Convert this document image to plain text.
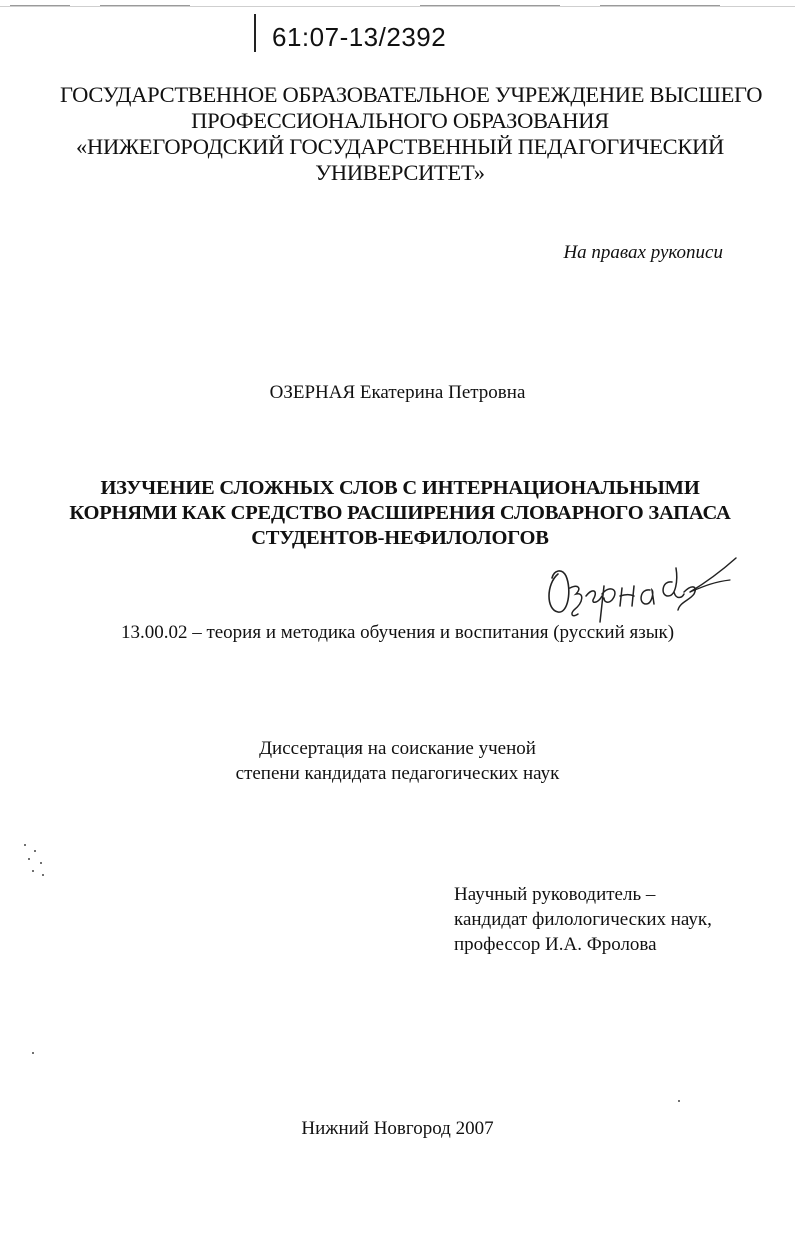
61:07-13/2392
ГОСУДАРСТВЕННОЕ ОБРАЗОВАТЕЛЬНОЕ УЧРЕЖДЕНИЕ ВЫСШЕГО
ПРОФЕССИОНАЛЬНОГО ОБРАЗОВАНИЯ
«НИЖЕГОРОДСКИЙ ГОСУДАРСТВЕННЫЙ ПЕДАГОГИЧЕСКИЙ
УНИВЕРСИТЕТ»
На правах рукописи
ОЗЕРНАЯ Екатерина Петровна
ИЗУЧЕНИЕ СЛОЖНЫХ СЛОВ С ИНТЕРНАЦИОНАЛЬНЫМИ
КОРНЯМИ КАК СРЕДСТВО РАСШИРЕНИЯ СЛОВАРНОГО ЗАПАСА
СТУДЕНТОВ-НЕФИЛОЛОГОВ
13.00.02 – теория и методика обучения и воспитания (русский язык)
Диссертация на соискание ученой
степени кандидата педагогических наук
Научный руководитель –
кандидат филологических наук,
профессор И.А. Фролова
Нижний Новгород 2007
